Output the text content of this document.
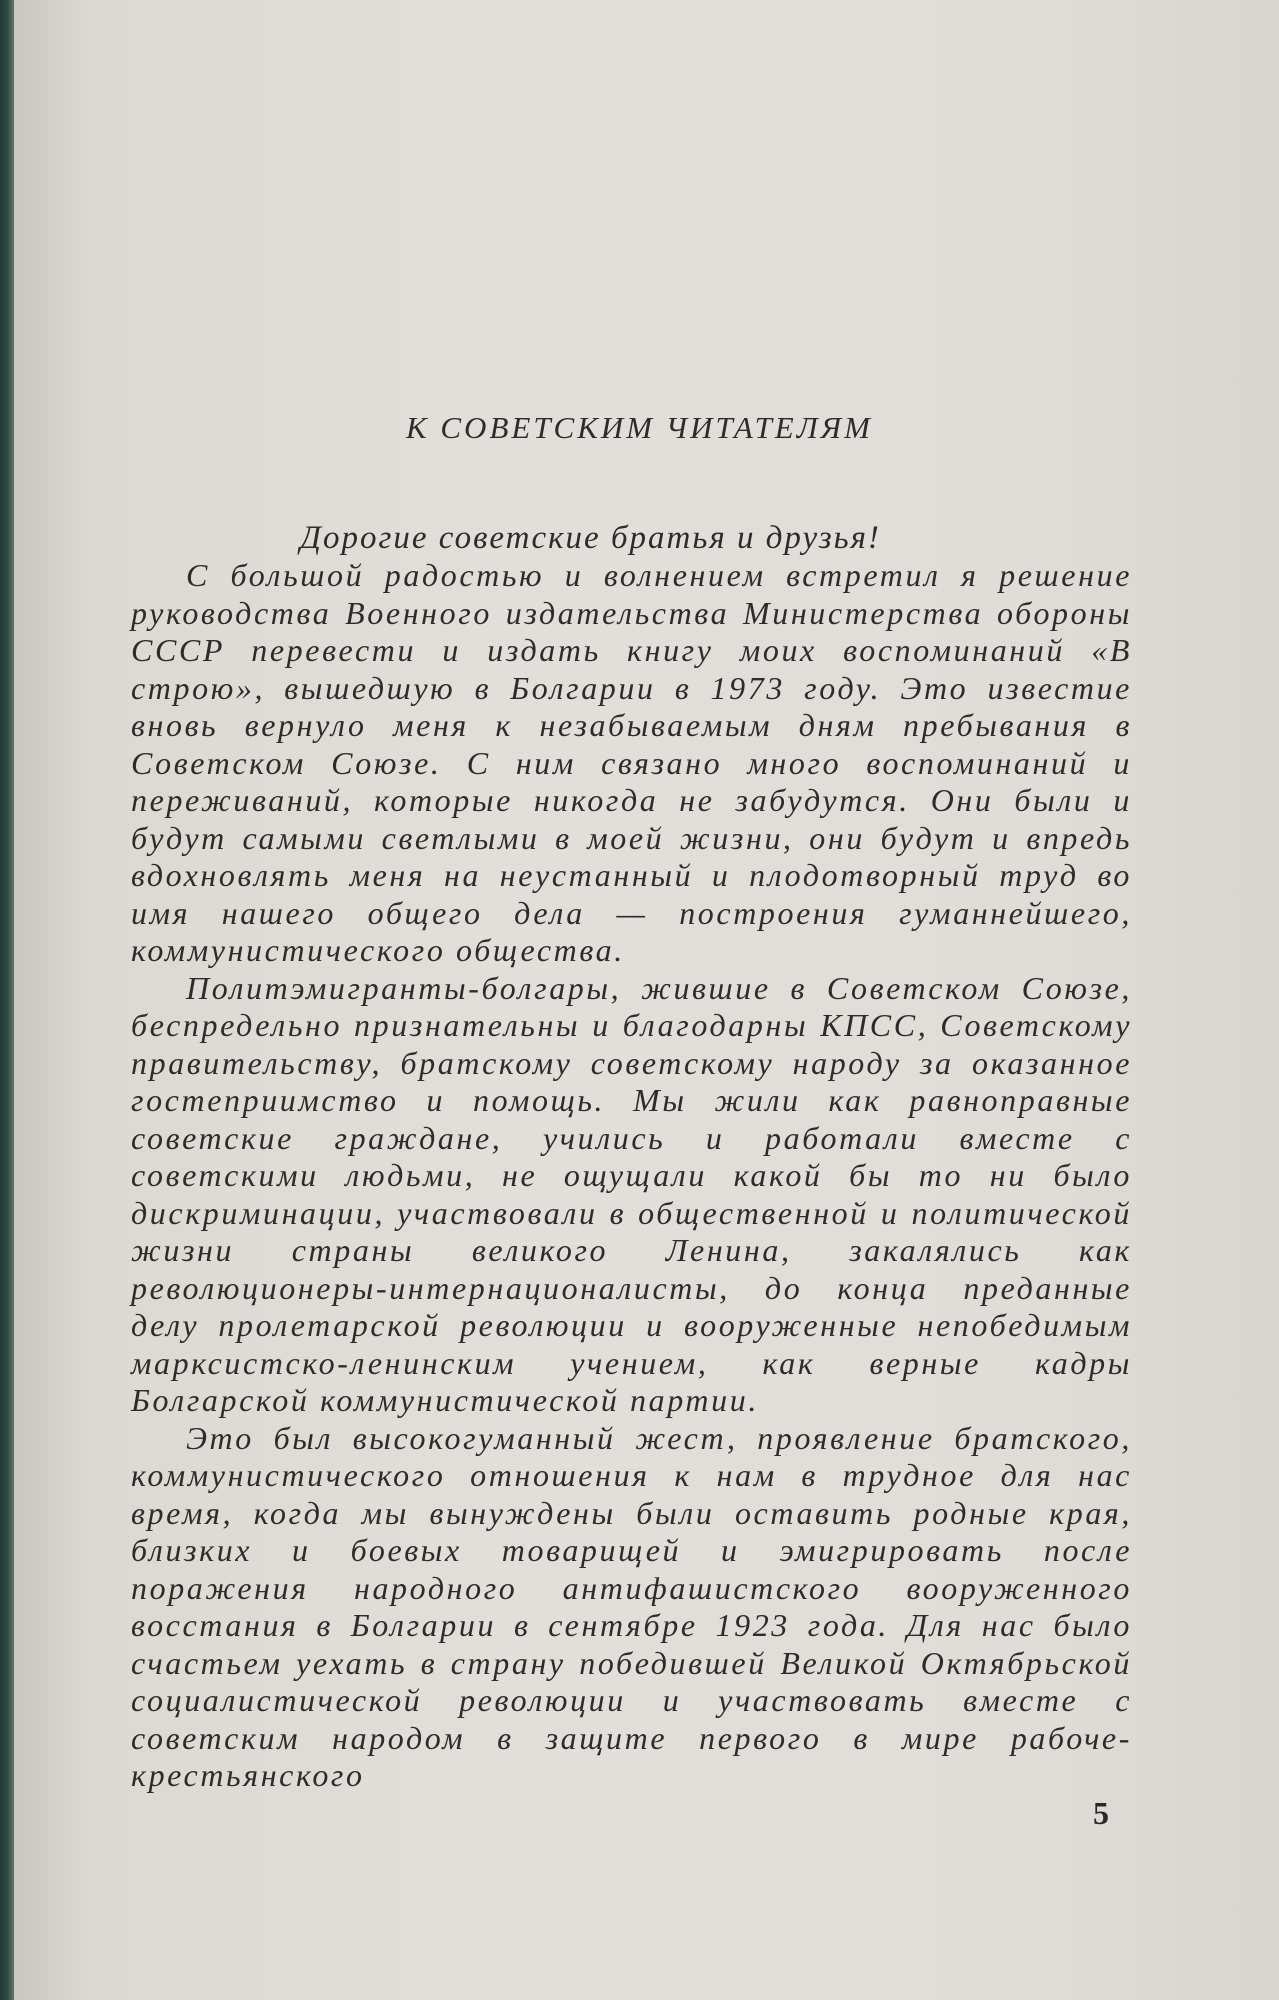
К СОВЕТСКИМ ЧИТАТЕЛЯМ
Дорогие советские братья и друзья!

С большой радостью и волнением встретил я решение руководства Военного издательства Министерства обороны СССР перевести и издать книгу моих воспоминаний «В строю», вышедшую в Болгарии в 1973 году. Это известие вновь вернуло меня к незабываемым дням пребывания в Советском Союзе. С ним связано много воспоминаний и переживаний, которые никогда не забудутся. Они были и будут самыми светлыми в моей жизни, они будут и впредь вдохновлять меня на неустанный и плодотворный труд во имя нашего общего дела — построения гуманнейшего, коммунистического общества.

Политэмигранты-болгары, жившие в Советском Союзе, беспредельно признательны и благодарны КПСС, Советскому правительству, братскому советскому народу за оказанное гостеприимство и помощь. Мы жили как равноправные советские граждане, учились и работали вместе с советскими людьми, не ощущали какой бы то ни было дискриминации, участвовали в общественной и политической жизни страны великого Ленина, закалялись как революционеры-интернационалисты, до конца преданные делу пролетарской революции и вооруженные непобедимым марксистско-ленинским учением, как верные кадры Болгарской коммунистической партии.

Это был высокогуманный жест, проявление братского, коммунистического отношения к нам в трудное для нас время, когда мы вынуждены были оставить родные края, близких и боевых товарищей и эмигрировать после поражения народного антифашистского вооруженного восстания в Болгарии в сентябре 1923 года. Для нас было счастьем уехать в страну победившей Великой Октябрьской социалистической революции и участвовать вместе с советским народом в защите первого в мире рабоче-крестьянского

5
